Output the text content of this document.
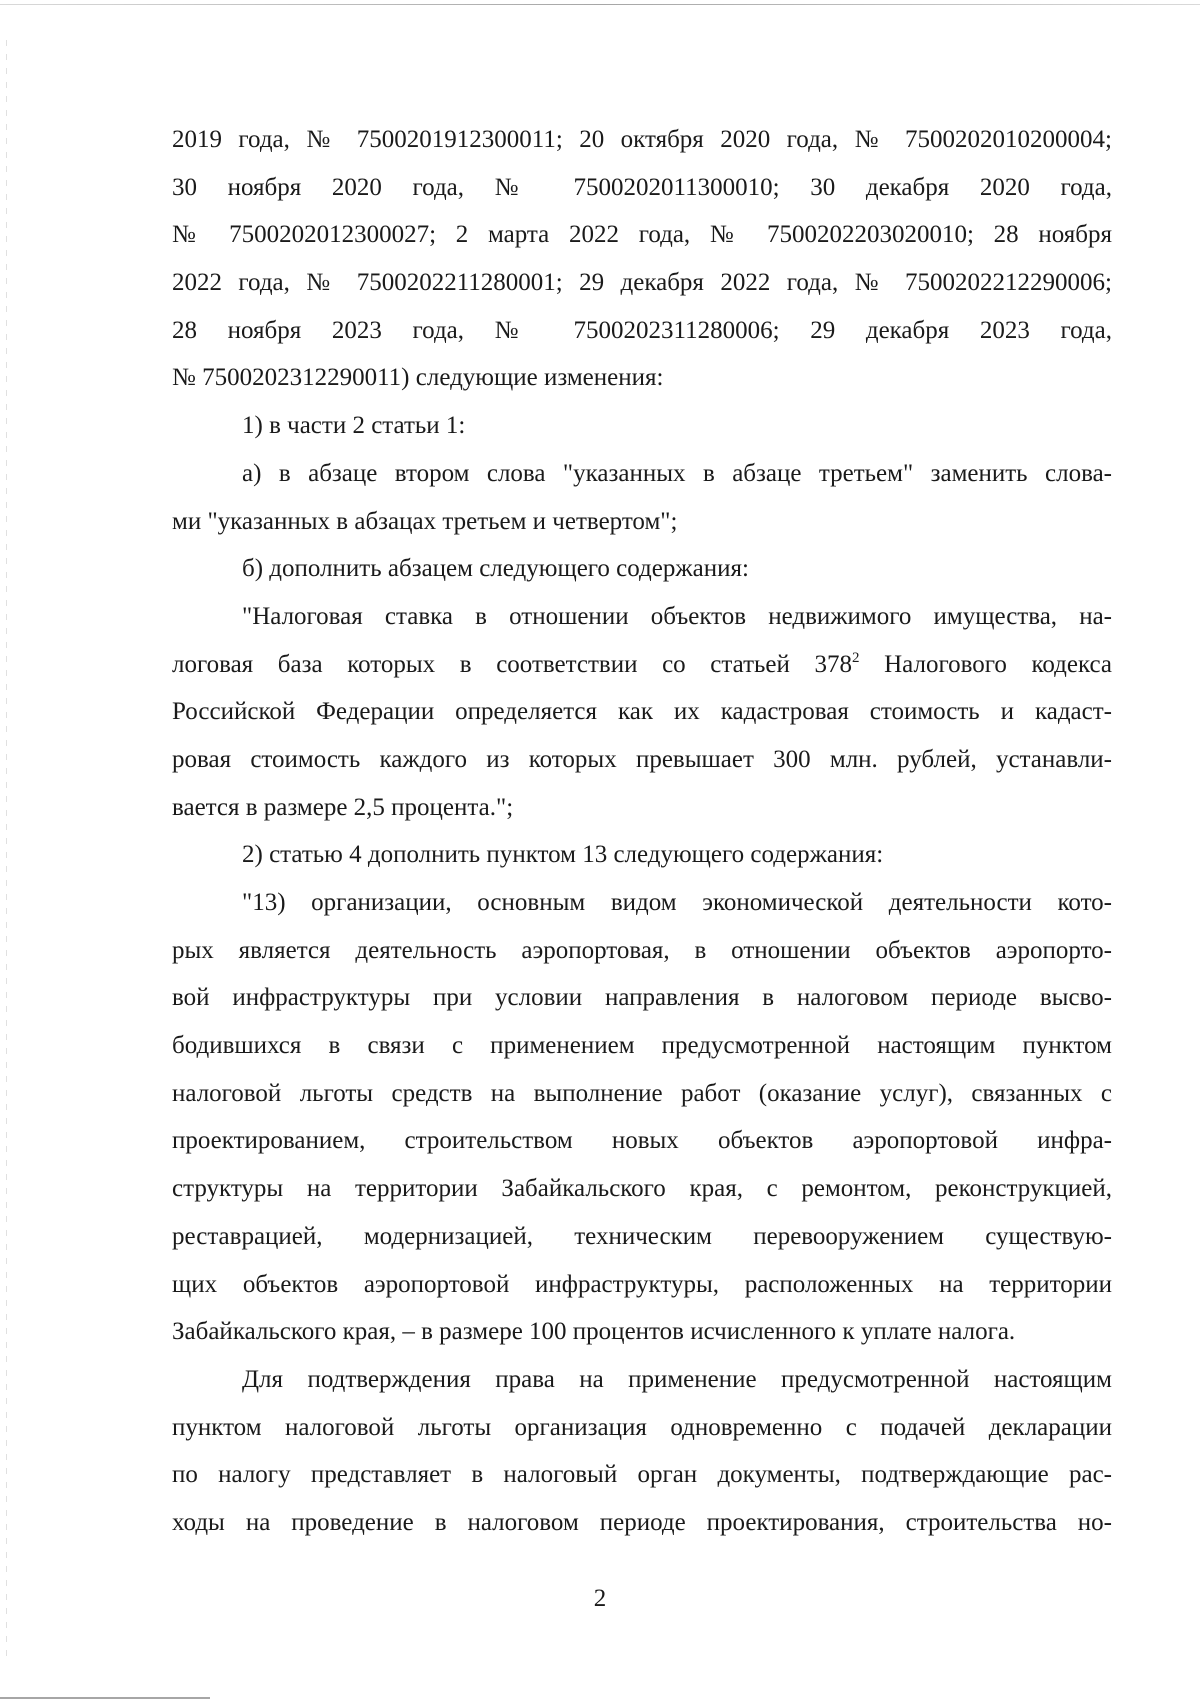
2019 года, № 7500201912300011; 20 октября 2020 года, № 7500202010200004;
30 ноября 2020 года, № 7500202011300010; 30 декабря 2020 года,
№ 7500202012300027; 2 марта 2022 года, № 7500202203020010; 28 ноября
2022 года, № 7500202211280001; 29 декабря 2022 года, № 7500202212290006;
28 ноября 2023 года, № 7500202311280006; 29 декабря 2023 года,
№ 7500202312290011) следующие изменения:
1) в части 2 статьи 1:
а) в абзаце втором слова "указанных в абзаце третьем" заменить слова-
ми "указанных в абзацах третьем и четвертом";
б) дополнить абзацем следующего содержания:
"Налоговая ставка в отношении объектов недвижимого имущества, на-
логовая база которых в соответствии со статьей $378^2$ Налогового кодекса
Российской Федерации определяется как их кадастровая стоимость и кадаст-
ровая стоимость каждого из которых превышает 300 млн. рублей, устанавли-
вается в размере 2,5 процента.";
2) статью 4 дополнить пунктом 13 следующего содержания:
"13) организации, основным видом экономической деятельности кото-
рых является деятельность аэропортовая, в отношении объектов аэропорто-
вой инфраструктуры при условии направления в налоговом периоде высво-
бодившихся в связи с применением предусмотренной настоящим пунктом
налоговой льготы средств на выполнение работ (оказание услуг), связанных с
проектированием, строительством новых объектов аэропортовой инфра-
структуры на территории Забайкальского края, с ремонтом, реконструкцией,
реставрацией, модернизацией, техническим перевооружением существую-
щих объектов аэропортовой инфраструктуры, расположенных на территории
Забайкальского края, – в размере 100 процентов исчисленного к уплате налога.
Для подтверждения права на применение предусмотренной настоящим
пунктом налоговой льготы организация одновременно с подачей декларации
по налогу представляет в налоговый орган документы, подтверждающие рас-
ходы на проведение в налоговом периоде проектирования, строительства но-
2
